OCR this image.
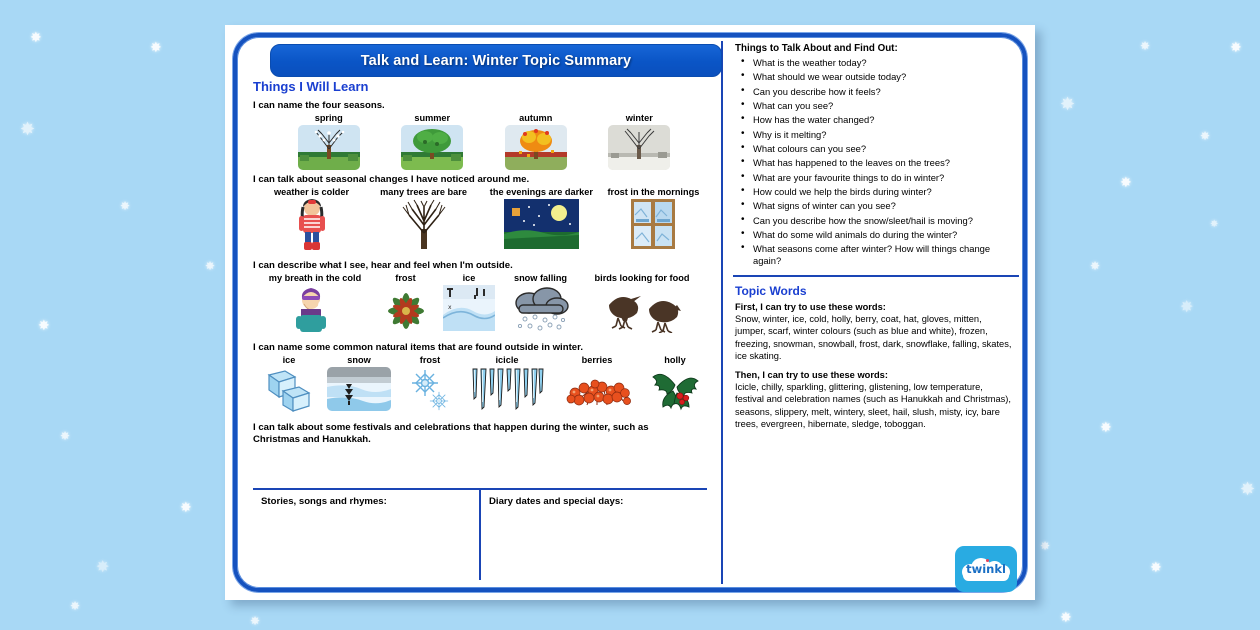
✸
✸
✸
✸
✸
✸
✸
✸
✸
✸
✸
✸
✸
✸
✸
✸
✸
✸
✸
✸
✸
✸
✸
✸
Talk and Learn: Winter Topic Summary
Things I Will Learn

I can name the four seasons.

spring	summer	autumn	winter

I can talk about seasonal changes I have noticed around me.

weather is colder	many trees are bare	the evenings are darker	frost in the mornings

I can describe what I see, hear and feel when I'm outside.

my breath in the cold	frost	ice
x
snow falling	birds looking for food

I can name some common natural items that are found outside in winter.

ice	snow	frost	icicle	berries	holly

I can talk about some festivals and celebrations that happen during the winter, such as Christmas and Hanukkah.

Stories, songs and rhymes:	Diary dates and special days:
Things to Talk About and Find Out:
• What is the weather today?
• What should we wear outside today?
• Can you describe how it feels?
• What can you see?
• How has the water changed?
• Why is it melting?
• What colours can you see?
• What has happened to the leaves on the trees?
• What are your favourite things to do in winter?
• How could we help the birds during winter?
• What signs of winter can you see?
• Can you describe how the snow/sleet/hail is moving?
• What do some wild animals do during the winter?
• What seasons come after winter? How will things change again?
Topic Words

First, I can try to use these words:

Snow, winter, ice, cold, holly, berry, coat, hat, gloves, mitten, jumper, scarf, winter colours (such as blue and white), frozen, freezing, snowman, snowball, frost, dark, snowflake, falling, skates, ice skating.

Then, I can try to use these words:

Icicle, chilly, sparkling, glittering, glistening, low temperature, festival and celebration names (such as Hanukkah and Christmas), seasons, slippery, melt, wintery, sleet, hail, slush, misty, icy, bare trees, evergreen, hibernate, sledge, toboggan.

twinkl
